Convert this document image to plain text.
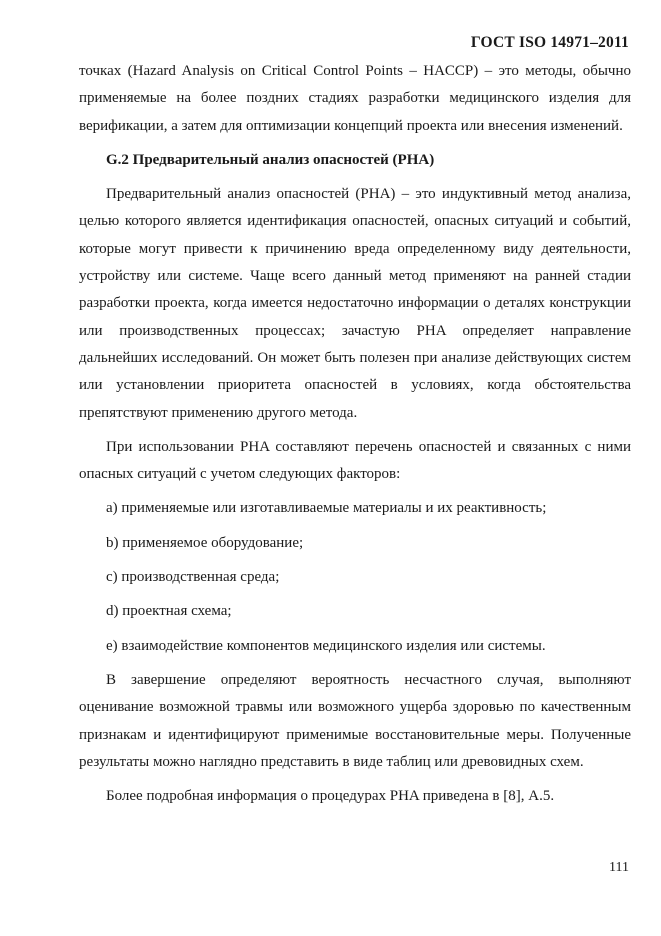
ГОСТ ISO 14971–2011

точках (Hazard Analysis on Critical Control Points – HACCP) – это методы, обычно применяемые на более поздних стадиях разработки медицинского изделия для верификации, а затем для оптимизации концепций проекта или внесения изменений.

G.2 Предварительный анализ опасностей (PHA)

Предварительный анализ опасностей (PHA) – это индуктивный метод анализа, целью которого является идентификация опасностей, опасных ситуаций и событий, которые могут привести к причинению вреда определенному виду деятельности, устройству или системе. Чаще всего данный метод применяют на ранней стадии разработки проекта, когда имеется недостаточно информации о деталях конструкции или производственных процессах; зачастую PHA определяет направление дальнейших исследований. Он может быть полезен при анализе действующих систем или установлении приоритета опасностей в условиях, когда обстоятельства препятствуют применению другого метода.

При использовании PHA составляют перечень опасностей и связанных с ними опасных ситуаций с учетом следующих факторов:

a) применяемые или изготавливаемые материалы и их реактивность;

b) применяемое оборудование;

c) производственная среда;

d) проектная схема;

e) взаимодействие компонентов медицинского изделия или системы.

В завершение определяют вероятность несчастного случая, выполняют оценивание возможной травмы или возможного ущерба здоровью по качественным признакам и идентифицируют применимые восстановительные меры. Полученные результаты можно наглядно представить в виде таблиц или древовидных схем.

Более подробная информация о процедурах PHA приведена в [8], А.5.

111
